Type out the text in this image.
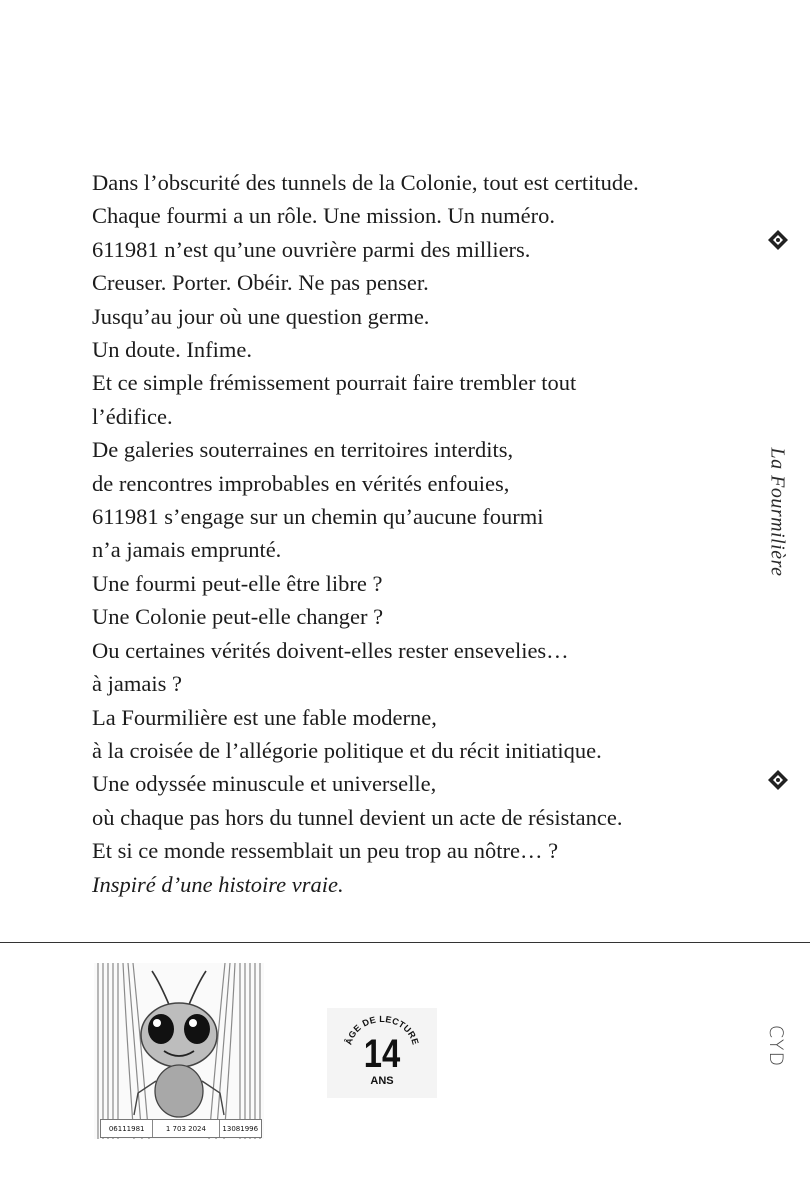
Dans l’obscurité des tunnels de la Colonie, tout est certitude.
Chaque fourmi a un rôle. Une mission. Un numéro.
611981 n’est qu’une ouvrière parmi des milliers.
Creuser. Porter. Obéir. Ne pas penser.
Jusqu’au jour où une question germe.
Un doute. Infime.
Et ce simple frémissement pourrait faire trembler tout
l’édifice.
De galeries souterraines en territoires interdits,
de rencontres improbables en vérités enfouies,
611981 s’engage sur un chemin qu’aucune fourmi
n’a jamais emprunté.
Une fourmi peut-elle être libre ?
Une Colonie peut-elle changer ?
Ou certaines vérités doivent-elles rester ensevelies…
à jamais ?
La Fourmilière est une fable moderne,
à la croisée de l’allégorie politique et du récit initiatique.
Une odyssée minuscule et universelle,
où chaque pas hors du tunnel devient un acte de résistance.
Et si ce monde ressemblait un peu trop au nôtre… ?
Inspiré d’une histoire vraie.
La Fourmilière
06111981	1 703 2024	13081996
ÂGE DE LECTURE
14
ANS
CYD
